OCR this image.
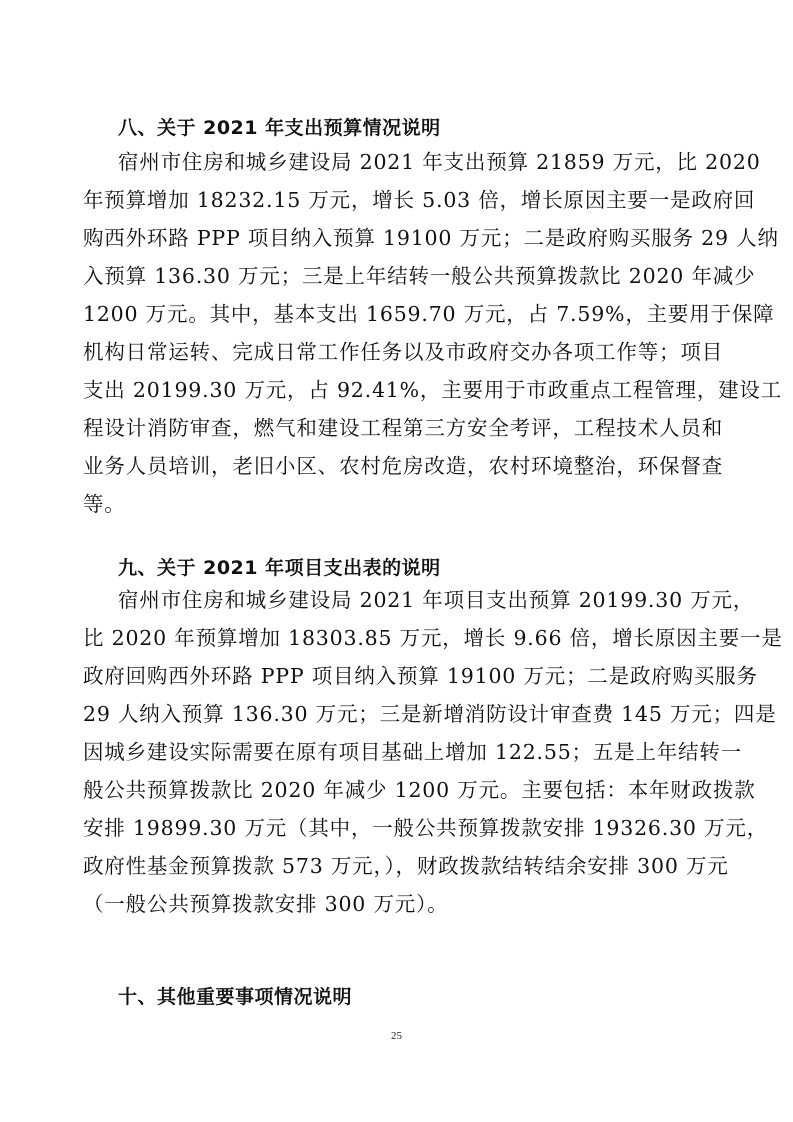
八、关于 2021 年支出预算情况说明
宿州市住房和城乡建设局 2021 年支出预算 21859 万元，比 2020
年预算增加 18232.15 万元，增长 5.03 倍，增长原因主要一是政府回
购西外环路 PPP 项目纳入预算 19100 万元；二是政府购买服务 29 人纳
入预算 136.30 万元；三是上年结转一般公共预算拨款比 2020 年减少
1200 万元。其中，基本支出 1659.70 万元，占 7.59%，主要用于保障
机构日常运转、完成日常工作任务以及市政府交办各项工作等；项目
支出 20199.30 万元，占 92.41%，主要用于市政重点工程管理，建设工
程设计消防审查，燃气和建设工程第三方安全考评，工程技术人员和
业务人员培训，老旧小区、农村危房改造，农村环境整治，环保督查
等。
九、关于 2021 年项目支出表的说明
宿州市住房和城乡建设局 2021 年项目支出预算 20199.30 万元，
比 2020 年预算增加 18303.85 万元，增长 9.66 倍，增长原因主要一是
政府回购西外环路 PPP 项目纳入预算 19100 万元；二是政府购买服务
29 人纳入预算 136.30 万元；三是新增消防设计审查费 145 万元；四是
因城乡建设实际需要在原有项目基础上增加 122.55；五是上年结转一
般公共预算拨款比 2020 年减少 1200 万元。主要包括：本年财政拨款
安排 19899.30 万元（其中，一般公共预算拨款安排 19326.30 万元，
政府性基金预算拨款 573 万元，），财政拨款结转结余安排 300 万元
（一般公共预算拨款安排 300 万元）。
十、其他重要事项情况说明
25
